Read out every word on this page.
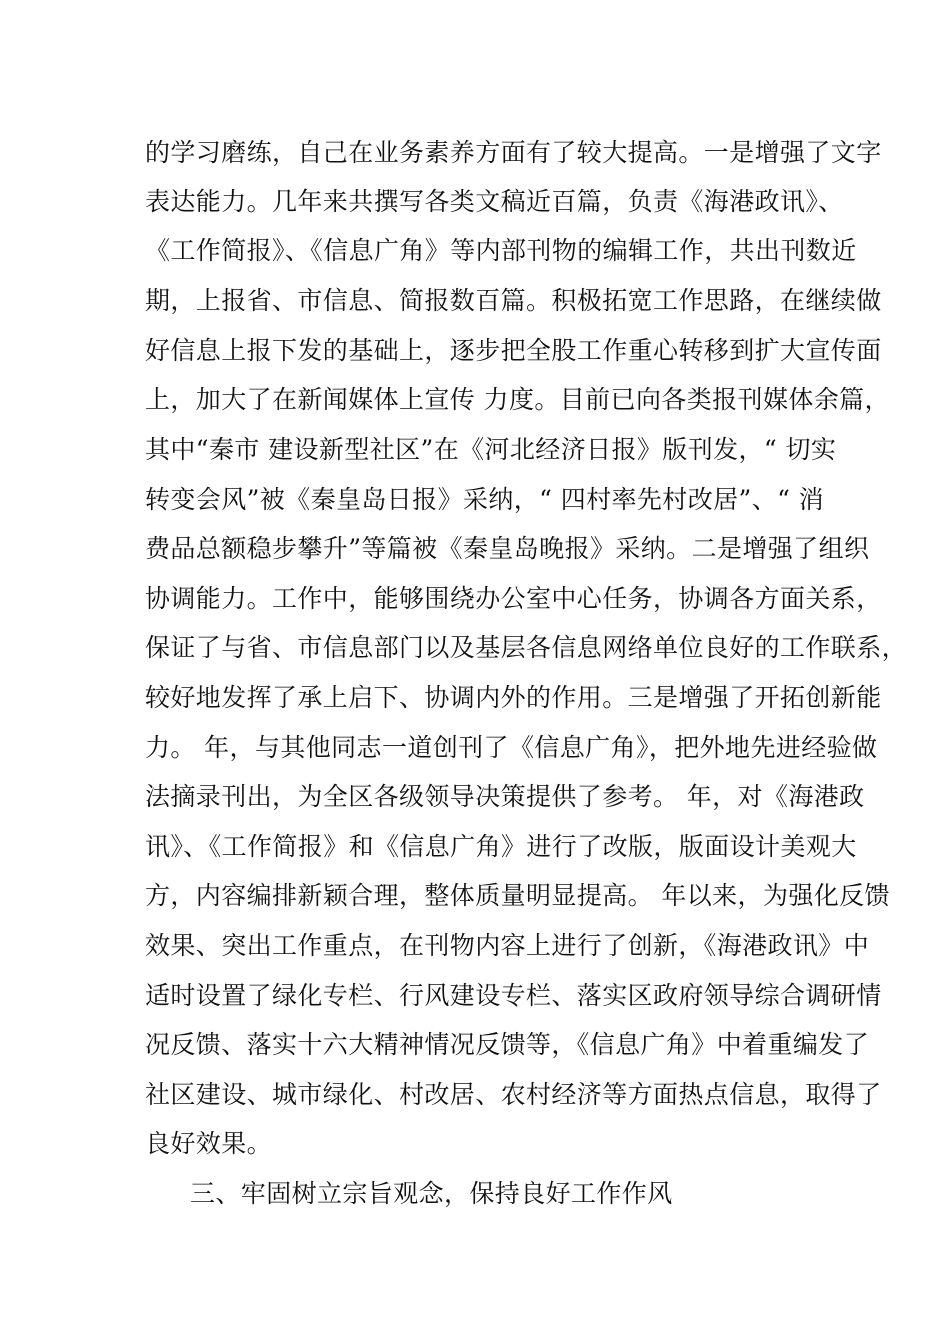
的学习磨练，自己在业务素养方面有了较大提高。一是增强了文字
表达能力。几年来共撰写各类文稿近百篇，负责《海港政讯》、
《工作简报》、《信息广角》等内部刊物的编辑工作，共出刊数近
期，上报省、市信息、简报数百篇。积极拓宽工作思路，在继续做
好信息上报下发的基础上，逐步把全股工作重心转移到扩大宣传面
上，加大了在新闻媒体上宣传 力度。目前已向各类报刊媒体余篇，
其中“秦市 建设新型社区”在《河北经济日报》版刊发，“ 切实
转变会风”被《秦皇岛日报》采纳，“ 四村率先村改居”、“ 消
费品总额稳步攀升”等篇被《秦皇岛晚报》采纳。二是增强了组织
协调能力。工作中，能够围绕办公室中心任务，协调各方面关系，
保证了与省、市信息部门以及基层各信息网络单位良好的工作联系，
较好地发挥了承上启下、协调内外的作用。三是增强了开拓创新能
力。 年，与其他同志一道创刊了《信息广角》，把外地先进经验做
法摘录刊出，为全区各级领导决策提供了参考。 年，对《海港政
讯》、《工作简报》和《信息广角》进行了改版，版面设计美观大
方，内容编排新颖合理，整体质量明显提高。 年以来，为强化反馈
效果、突出工作重点，在刊物内容上进行了创新，《海港政讯》中
适时设置了绿化专栏、行风建设专栏、落实区政府领导综合调研情
况反馈、落实十六大精神情况反馈等，《信息广角》中着重编发了
社区建设、城市绿化、村改居、农村经济等方面热点信息，取得了
良好效果。
三、牢固树立宗旨观念，保持良好工作作风
